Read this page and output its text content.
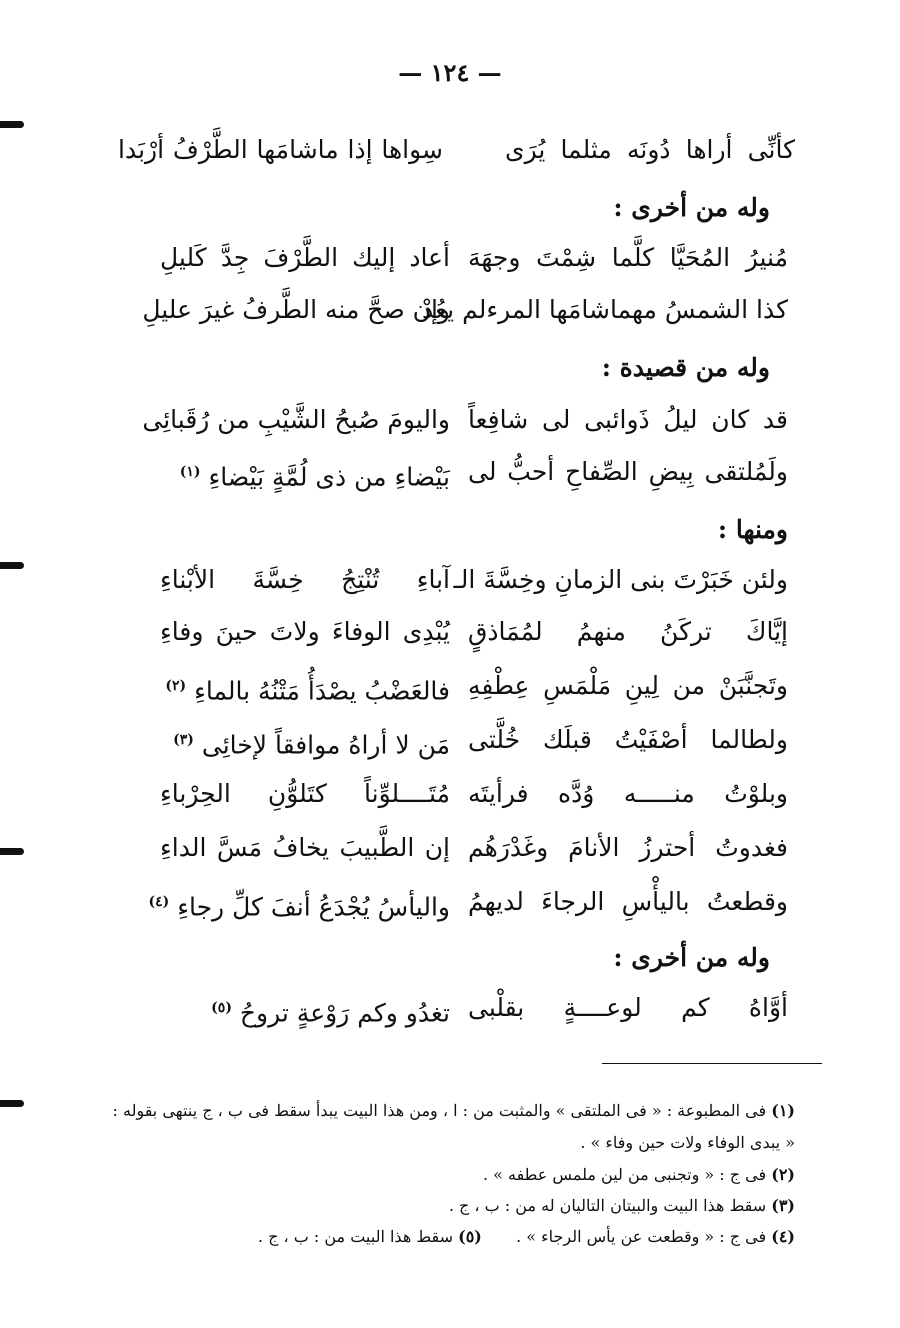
— ١٢٤ —
كأنِّى أراها دُونَه مثلما يُرَى
سِواها إذا ماشامَها الطَّرْفُ أرْبَدا
وله من أخرى :
مُنيرُ المُحَيَّا كلَّما شِمْتَ وجهَهَ
أعاد إليك الطَّرْفَ جِدَّ كَليلِ
كذا الشمسُ مهماشامَها المرءلم يعُدْ
وإن صحَّ منه الطَّرفُ غيرَ عليلِ
وله من قصيدة :
قد كان ليلُ ذَوائبى لى شافِعاً
واليومَ صُبحُ الشَّيْبِ من رُقَبائِى
ولَمُلتقى بِيضِ الصِّفاحِ أحبُّ لى
بَيْضاءِ من ذى لُمَّةٍ بَيْضاءِ $^{(١)}$
ومنها :
ولئن خَبَرْتَ بنى الزمانِ وخِسَّةَ الـ
آباءِ تُنْتِجُ خِسَّةَ الأبْناءِ
إيَّاكَ تركَنُ منهمُ لمُمَاذقٍ
يُبْدِى الوفاءَ ولاتَ حينَ وفاءِ
وتَجنَّبَنْ من لِينِ مَلْمَسِ عِطْفِهِ
فالعَضْبُ يصْدَأُ مَتْنُهُ بالماءِ $^{(٢)}$
ولطالما أصْفَيْتُ قبلَك خُلَّتى
مَن لا أراهُ موافقاً لإخائِى $^{(٣)}$
وبلوْتُ منـــــه وُدَّه فرأيتَه
مُتَــــلوِّناً كتَلوُّنِ الحِرْباءِ
فغدوتُ أحترزُ الأنامَ وغَدْرَهُم
إن الطَّبيبَ يخافُ مَسَّ الداءِ
وقطعتُ باليأْسِ الرجاءَ لديهمُ
واليأسُ يُجْدَعُ أنفَ كلِّ رجاءِ $^{(٤)}$
وله من أخرى :
أوَّاهُ كم لوعــــةٍ بقلْبى
تغدُو وكم رَوْعةٍ تروحُ $^{(٥)}$
(١) فى المطبوعة : « فى الملتقى » والمثبت من : ا ، ومن هذا البيت يبدأ سقط فى ب ، ج ينتهى بقوله :
« يبدى الوفاء ولات حين وفاء » .
(٢) فى ج : « وتجنبى من لين ملمس عطفه » .
(٣) سقط هذا البيت والبيتان التاليان له من : ب ، ج .
(٤) فى ج : « وقطعت عن يأس الرجاء » .  (٥) سقط هذا البيت من : ب ، ج .
